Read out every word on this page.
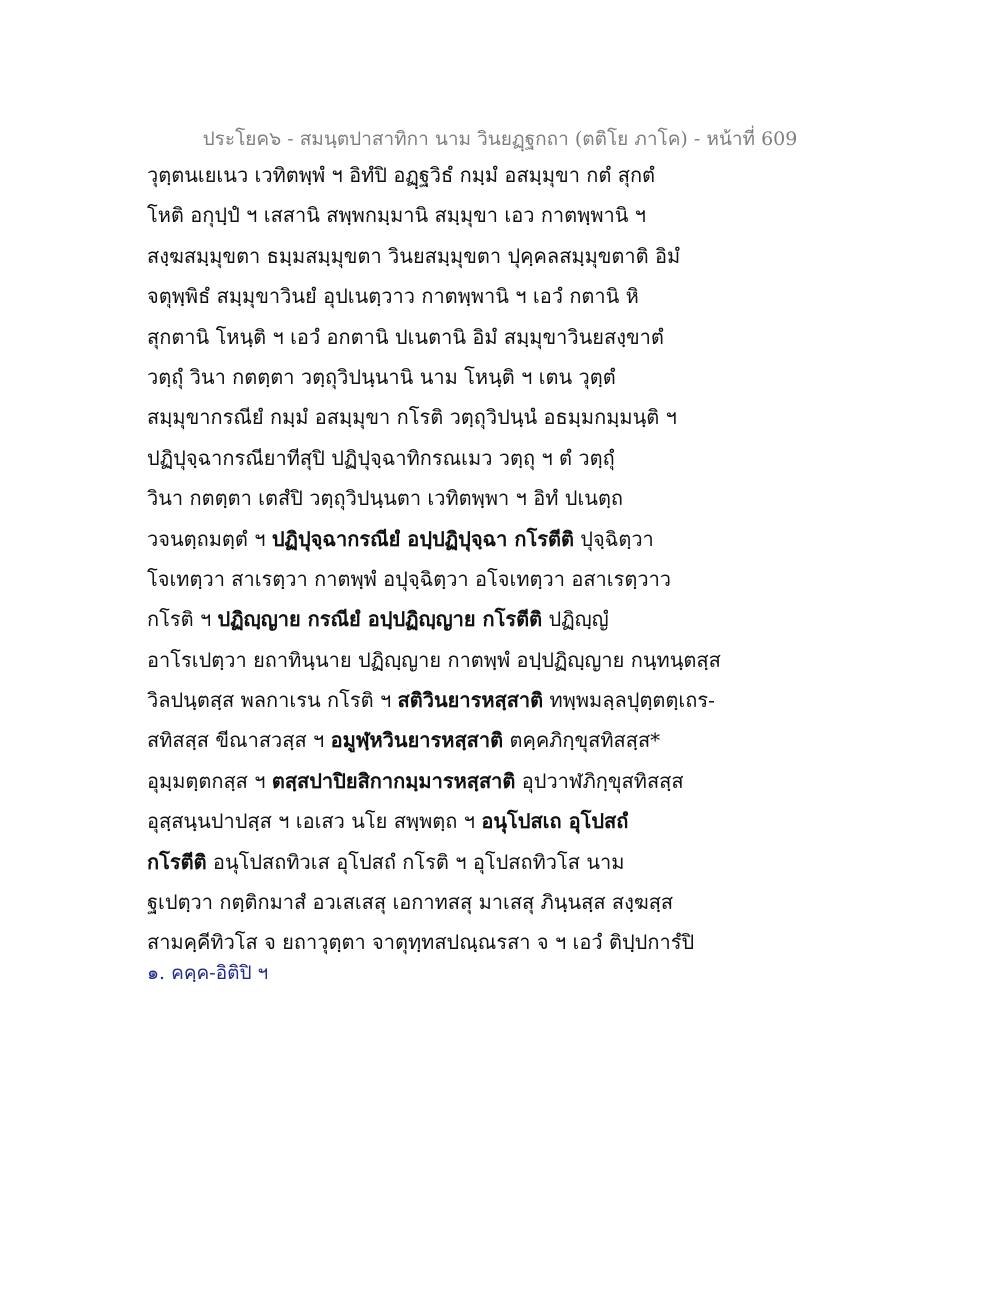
ประโยค๖ - สมนฺตปาสาทิกา นาม วินยฏฺฐกถา (ตติโย ภาโค) - หน้าที่ 609
วุตฺตนเยเนว เวทิตพฺพํ ฯ อิทํปิ อฏฺฐวิธํ กมฺมํ อสมฺมุขา กตํ สุกตํ
โหติ อกุปฺปํ ฯ เสสานิ สพฺพกมฺมานิ สมฺมุขา เอว กาตพฺพานิ ฯ
สงฺฆสมฺมุขตา ธมฺมสมฺมุขตา วินยสมฺมุขตา ปุคฺคลสมฺมุขตาติ อิมํ
จตุพฺพิธํ สมฺมุขาวินยํ อุปเนตฺวาว กาตพฺพานิ ฯ เอวํ กตานิ หิ
สุกตานิ โหนฺติ ฯ เอวํ อกตานิ ปเนตานิ อิมํ สมฺมุขาวินยสงฺขาตํ
วตฺถุํ วินา กตตฺตา วตฺถุวิปนฺนานิ นาม โหนฺติ ฯ เตน วุตฺตํ
สมฺมุขากรณียํ กมฺมํ อสมฺมุขา กโรติ วตฺถุวิปนฺนํ อธมฺมกมฺมนฺติ ฯ
ปฏิปุจฺฉากรณียาทีสุปิ ปฏิปุจฺฉาทิกรณเมว วตฺถุ ฯ ตํ วตฺถุํ
วินา กตตฺตา เตสํปิ วตฺถุวิปนฺนตา เวทิตพฺพา ฯ อิทํ ปเนตฺถ
วจนตฺถมตฺตํ ฯ ปฏิปุจฺฉากรณียํ อปฺปฏิปุจฺฉา กโรตีติ ปุจฺฉิตฺวา
โจเทตฺวา สาเรตฺวา กาตพฺพํ อปุจฺฉิตฺวา อโจเทตฺวา อสาเรตฺวาว
กโรติ ฯ ปฏิญฺญาย กรณียํ อปฺปฏิญฺญาย กโรตีติ ปฏิญฺญํ
อาโรเปตฺวา ยถาทินฺนาย ปฏิญฺญาย กาตพฺพํ อปฺปฏิญฺญาย กนฺทนฺตสฺส
วิลปนฺตสฺส พลกาเรน กโรติ ฯ สติวินยารหสฺสาติ ทพฺพมลฺลปุตฺตตฺเถร-
สทิสสฺส ขีณาสวสฺส ฯ อมูฬฺหวินยารหสฺสาติ ตคฺคภิกฺขุสทิสสฺส*
อุมฺมตฺตกสฺส ฯ ตสฺสปาปิยสิกากมฺมารหสฺสาติ อุปวาฬภิกฺขุสทิสสฺส
อุสฺสนฺนปาปสฺส ฯ เอเสว นโย สพฺพตฺถ ฯ อนุโปสเถ อุโปสถํ
กโรตีติ อนุโปสถทิวเส อุโปสถํ กโรติ ฯ อุโปสถทิวโส นาม
ฐเปตฺวา กตฺติกมาสํ อวเสเสสุ เอกาทสสุ มาเสสุ ภินฺนสฺส สงฺฆสฺส
สามคฺคีทิวโส จ ยถาวุตฺตา จาตุทฺทสปณฺณรสา จ ฯ เอวํ ติปฺปการํปิ
๑. คคฺค-อิติปิ ฯ
